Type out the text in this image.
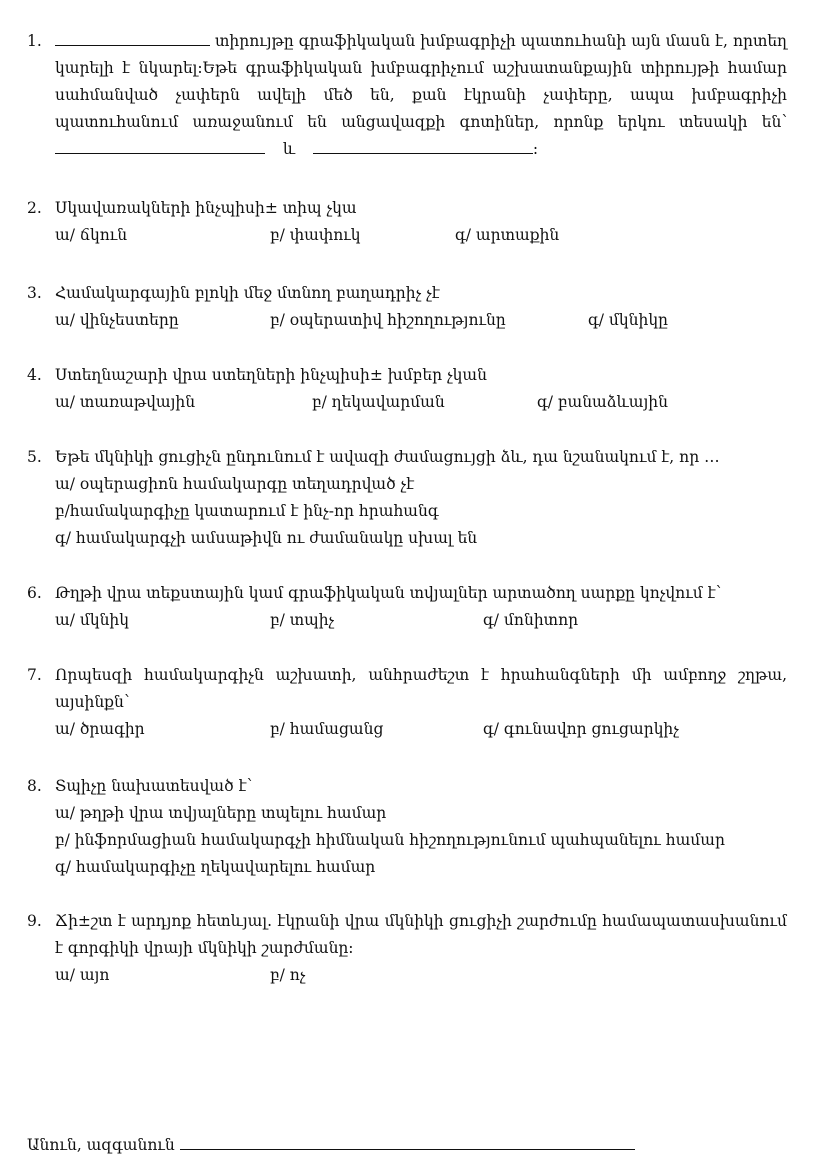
1.	տիրույթը գրաֆիկական խմբագրիչի պատուհանի այն մասն է, որտեղ
կարելի է նկարել:Եթե գրաֆիկական խմբագրիչում աշխատանքային տիրույթի համար
սահմանված չափերն ավելի մեծ են, քան էկրանի չափերը, ապա խմբագրիչի
պատուհանում առաջանում են անցավազքի գոտիներ, որոնք երկու տեսակի են՝
և	:
2. Սկավառակների ինչպիսի± տիպ չկա
ա/ ճկուն	բ/ փափուկ	գ/ արտաքին
3. Համակարգային բլոկի մեջ մտնող բաղադրիչ չէ
ա/ վինչեստերը	բ/ օպերատիվ հիշողությունը	գ/ մկնիկը
4. Ստեղնաշարի վրա ստեղների ինչպիսի± խմբեր չկան
ա/ տառաթվային	բ/ ղեկավարման	գ/ բանաձևային
5. Եթե մկնիկի ցուցիչն ընդունում է ավազի ժամացույցի ձև, դա նշանակում է, որ …
ա/ օպերացիոն համակարգը տեղադրված չէ
բ/համակարգիչը կատարում է ինչ-որ հրահանգ
գ/ համակարգչի ամսաթիվն ու ժամանակը սխալ են
6. Թղթի վրա տեքստային կամ գրաֆիկական տվյալներ արտածող սարքը կոչվում է՝
ա/ մկնիկ	բ/ տպիչ	գ/ մոնիտոր
7. Որպեսզի համակարգիչն աշխատի, անհրաժեշտ է հրահանգների մի ամբողջ շղթա,
այսինքն՝
ա/ ծրագիր	բ/ համացանց	գ/ գունավոր ցուցարկիչ
8. Տպիչը նախատեսված է՝
ա/ թղթի վրա տվյալները տպելու համար
բ/ ինֆորմացիան համակարգչի հիմնական հիշողությունում պահպանելու համար
գ/ համակարգիչը ղեկավարելու համար
9. Ճի±շտ է արդյոք հետևյալ. էկրանի վրա մկնիկի ցուցիչի շարժումը համապատասխանում
է գորգիկի վրայի մկնիկի շարժմանը:
ա/ այո	բ/ ոչ
Անուն, ազգանուն
